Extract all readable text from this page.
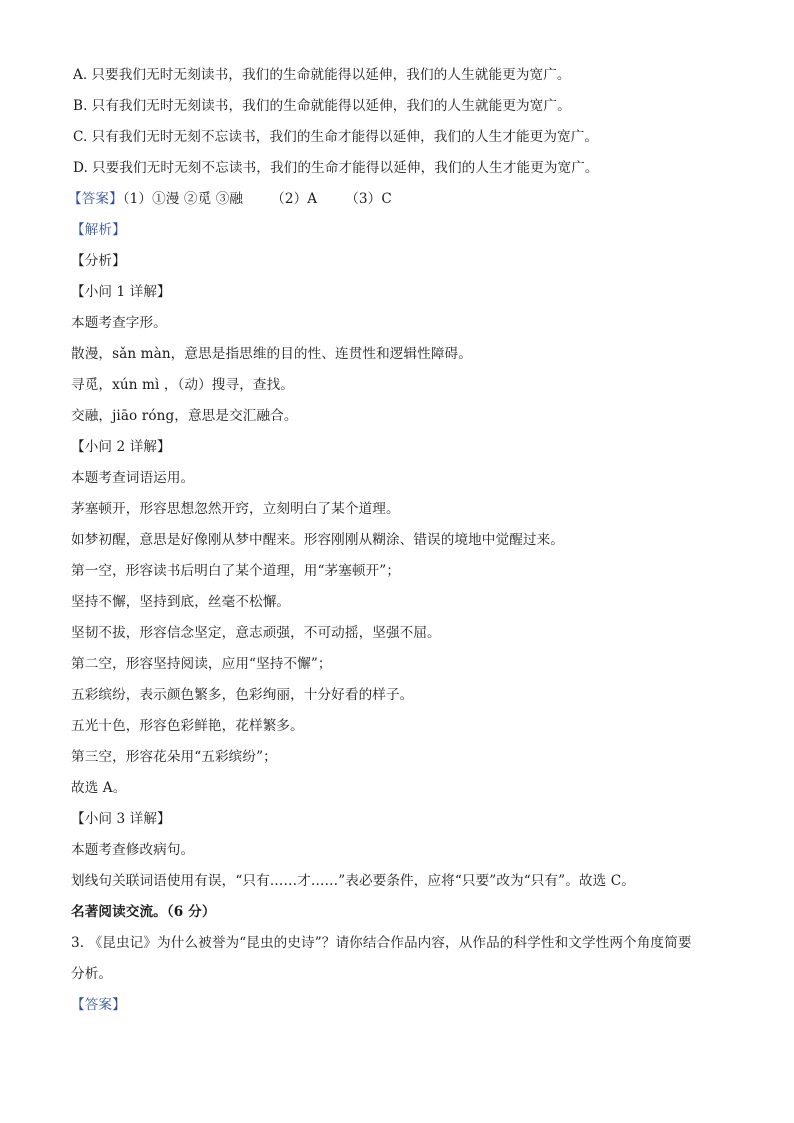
A. 只要我们无时无刻读书，我们的生命就能得以延伸，我们的人生就能更为宽广。
B. 只有我们无时无刻读书，我们的生命就能得以延伸，我们的人生就能更为宽广。
C. 只有我们无时无刻不忘读书，我们的生命才能得以延伸，我们的人生才能更为宽广。
D. 只要我们无时无刻不忘读书，我们的生命才能得以延伸，我们的人生才能更为宽广。
【答案】（1）①漫 ②觅 ③融 （2）A （3）C
【解析】
【分析】
【小问 1 详解】
本题考查字形。
散漫，sǎn màn，意思是指思维的目的性、连贯性和逻辑性障碍。
寻觅，xún mì ，（动）搜寻，查找。
交融，jiāo róng，意思是交汇融合。
【小问 2 详解】
本题考查词语运用。
茅塞顿开，形容思想忽然开窍，立刻明白了某个道理。
如梦初醒，意思是好像刚从梦中醒来。形容刚刚从糊涂、错误的境地中觉醒过来。
第一空，形容读书后明白了某个道理，用“茅塞顿开”；
坚持不懈，坚持到底，丝毫不松懈。
坚韧不拔，形容信念坚定，意志顽强，不可动摇，坚强不屈。
第二空，形容坚持阅读，应用“坚持不懈”；
五彩缤纷，表示颜色繁多，色彩绚丽，十分好看的样子。
五光十色，形容色彩鲜艳，花样繁多。
第三空，形容花朵用“五彩缤纷”；
故选 A。
【小问 3 详解】
本题考查修改病句。
划线句关联词语使用有误，“只有……才……”表必要条件，应将“只要”改为“只有”。故选 C。
名著阅读交流。（6 分）
3. 《昆虫记》为什么被誉为“昆虫的史诗”？请你结合作品内容，从作品的科学性和文学性两个角度简要
分析。
【答案】
